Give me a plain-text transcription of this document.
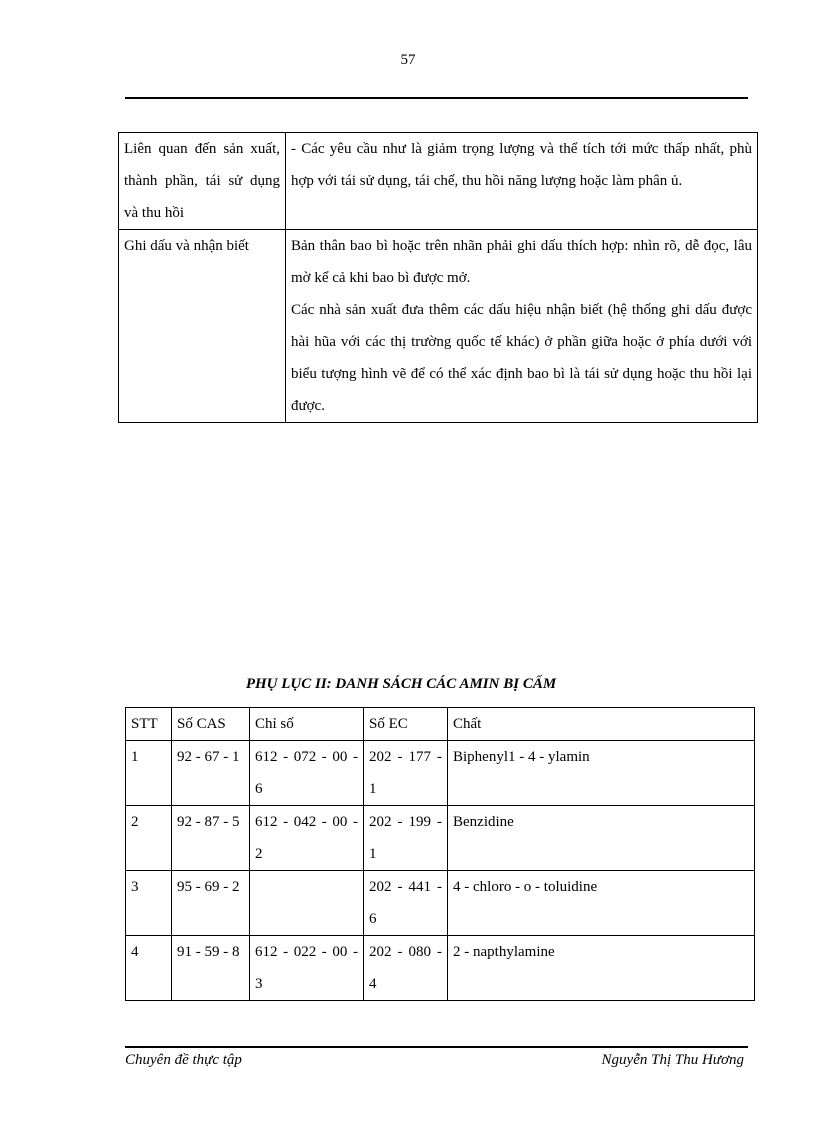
57
Liên quan đến sản xuất, thành phần, tái sử dụng và thu hồi	- Các yêu cầu như là giảm trọng lượng và thể tích tới mức thấp nhất, phù hợp với tái sử dụng, tái chế, thu hồi năng lượng hoặc làm phân ủ.

Ghi dấu và nhận biết	Bản thân bao bì hoặc trên nhãn phải ghi dấu thích hợp: nhìn rõ, dễ đọc, lâu mờ kể cả khi bao bì được mở.

Các nhà sản xuất đưa thêm các dấu hiệu nhận biết (hệ thống ghi dấu được hài hũa với các thị trường quốc tế khác) ở phần giữa hoặc ở phía dưới với biểu tượng hình vẽ để có thể xác định bao bì là tái sử dụng hoặc thu hồi lại được.

PHỤ LỤC II: DANH SÁCH CÁC AMIN BỊ CẤM
STT	Số CAS	Chỉ số	Số EC	Chất
1	92 - 67 - 1	612 - 072 - 00 - 6	202 - 177 - 1	Biphenyl1 - 4 - ylamin
2	92 - 87 - 5	612 - 042 - 00 - 2	202 - 199 - 1	Benzidine
3	95 - 69 - 2		202 - 441 - 6	4 - chloro - o - toluidine
4	91 - 59 - 8	612 - 022 - 00 - 3	202 - 080 - 4	2 - napthylamine
Chuyên đề thực tập	Nguyễn Thị Thu Hương
